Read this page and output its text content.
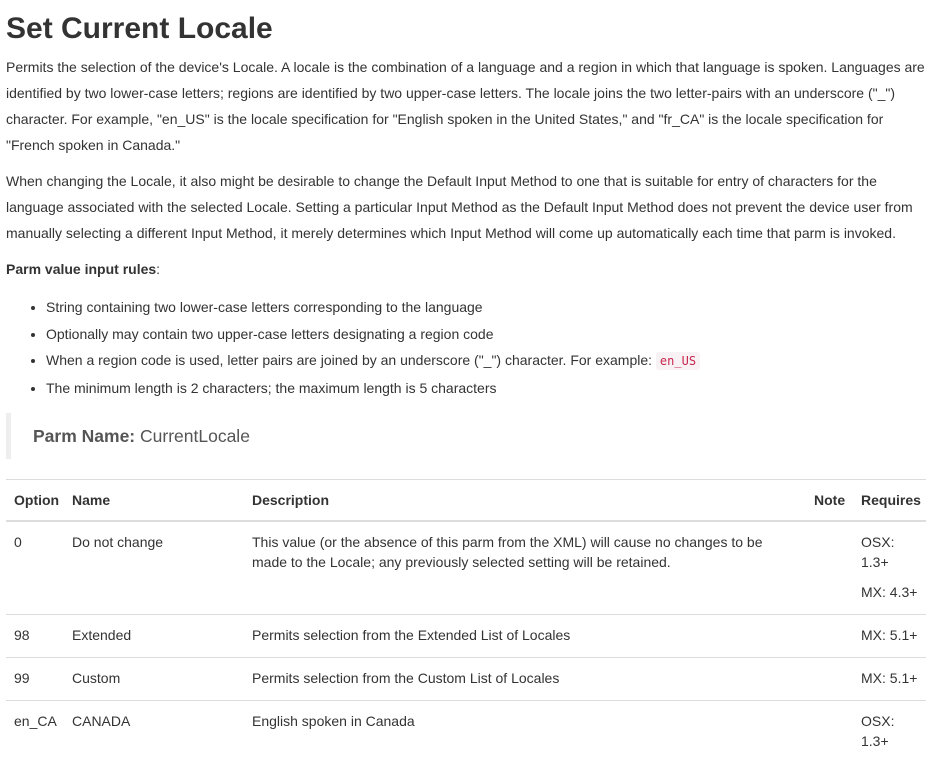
Set Current Locale

Permits the selection of the device's Locale. A locale is the combination of a language and a region in which that language is spoken. Languages are identified by two lower-case letters; regions are identified by two upper-case letters. The locale joins the two letter-pairs with an underscore ("_") character. For example, "en_US" is the locale specification for "English spoken in the United States," and "fr_CA" is the locale specification for "French spoken in Canada."

When changing the Locale, it also might be desirable to change the Default Input Method to one that is suitable for entry of characters for the language associated with the selected Locale. Setting a particular Input Method as the Default Input Method does not prevent the device user from manually selecting a different Input Method, it merely determines which Input Method will come up automatically each time that parm is invoked.

Parm value input rules:

• String containing two lower-case letters corresponding to the language
• Optionally may contain two upper-case letters designating a region code
• When a region code is used, letter pairs are joined by an underscore ("_") character. For example: en_US
• The minimum length is 2 characters; the maximum length is 5 characters
Parm Name: CurrentLocale
Option	Name	Description	Note	Requires
0	Do not change	This value (or the absence of this parm from the XML) will cause no changes to be made to the Locale; any previously selected setting will be retained.		OSX: 1.3+
MX: 4.3+

98	Extended	Permits selection from the Extended List of Locales		MX: 5.1+

99	Custom	Permits selection from the Custom List of Locales		MX: 5.1+

en_CA	CANADA	English spoken in Canada		OSX: 1.3+
